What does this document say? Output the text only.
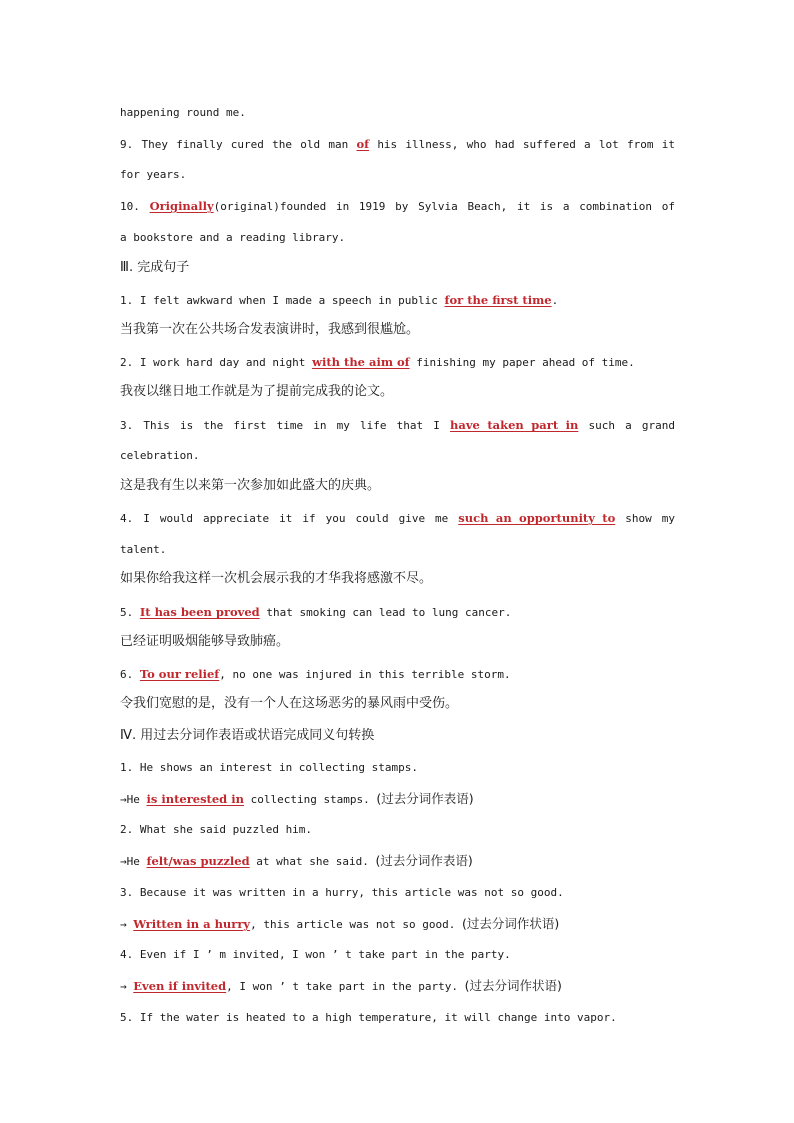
happening round me.
9. They finally cured the old man of his illness, who had suffered a lot from it
for years.
10. Originally(original)founded in 1919 by Sylvia Beach, it is a combination of
a bookstore and a reading library.
Ⅲ. 完成句子
1. I felt awkward when I made a speech in public for the first time.
当我第一次在公共场合发表演讲时，我感到很尴尬。
2. I work hard day and night with the aim of finishing my paper ahead of time.
我夜以继日地工作就是为了提前完成我的论文。
3. This is the first time in my life that I have taken part in such a grand
celebration.
这是我有生以来第一次参加如此盛大的庆典。
4. I would appreciate it if you could give me such an opportunity to show my
talent.
如果你给我这样一次机会展示我的才华我将感激不尽。
5. It has been proved that smoking can lead to lung cancer.
已经证明吸烟能够导致肺癌。
6. To our relief, no one was injured in this terrible storm.
令我们宽慰的是，没有一个人在这场恶劣的暴风雨中受伤。
Ⅳ. 用过去分词作表语或状语完成同义句转换
1. He shows an interest in collecting stamps.
→He is interested in collecting stamps. (过去分词作表语)
2. What she said puzzled him.
→He felt/was puzzled at what she said. (过去分词作表语)
3. Because it was written in a hurry, this article was not so good.
→ Written in a hurry, this article was not so good. (过去分词作状语)
4. Even if I ’ m invited, I won ’ t take part in the party.
→ Even if invited, I won ’ t take part in the party. (过去分词作状语)
5. If the water is heated to a high temperature, it will change into vapor.
